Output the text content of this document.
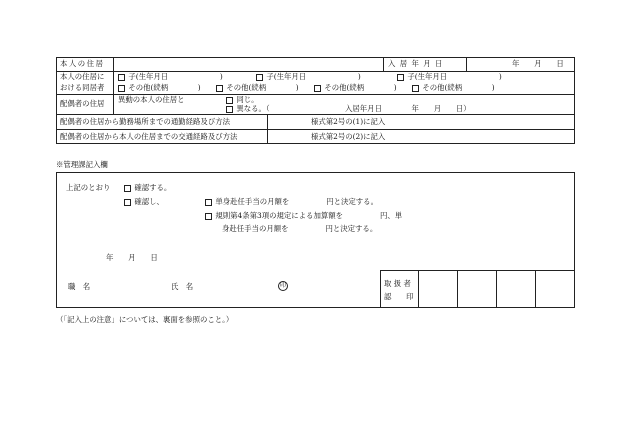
本人の住居	入 居 年 月 日	年　　月　　日
本人の住居に
おける同居者
子(生年月日　　　　　　　)	子(生年月日　　　　　　　)	子(生年月日　　　　　　　)
その他(続柄　　　　)	その他(続柄　　　　)	その他(続柄　　　　)	その他(続柄　　　　)
配偶者の住居 異動の本人の住居と	同じ。
異なる。（	入居年月日　　　　年　　月　　日）
配偶者の住居から勤務場所までの通勤経路及び方法	様式第2号の(1)に記入
配偶者の住居から本人の住居までの交通経路及び方法	様式第2号の(2)に記入
※管理課記入欄
上記のとおり	確認する。
確認し、	単身赴任手当の月額を　　　　　円と決定する。
規則第4条第3項の規定による加算額を　　　　　円、単
身赴任手当の月額を　　　　　円と決定する。
年　　月　　日
職　名	氏　名	印	取 扱 者
認　　印
（「記入上の注意」については、裏面を参照のこと。）
